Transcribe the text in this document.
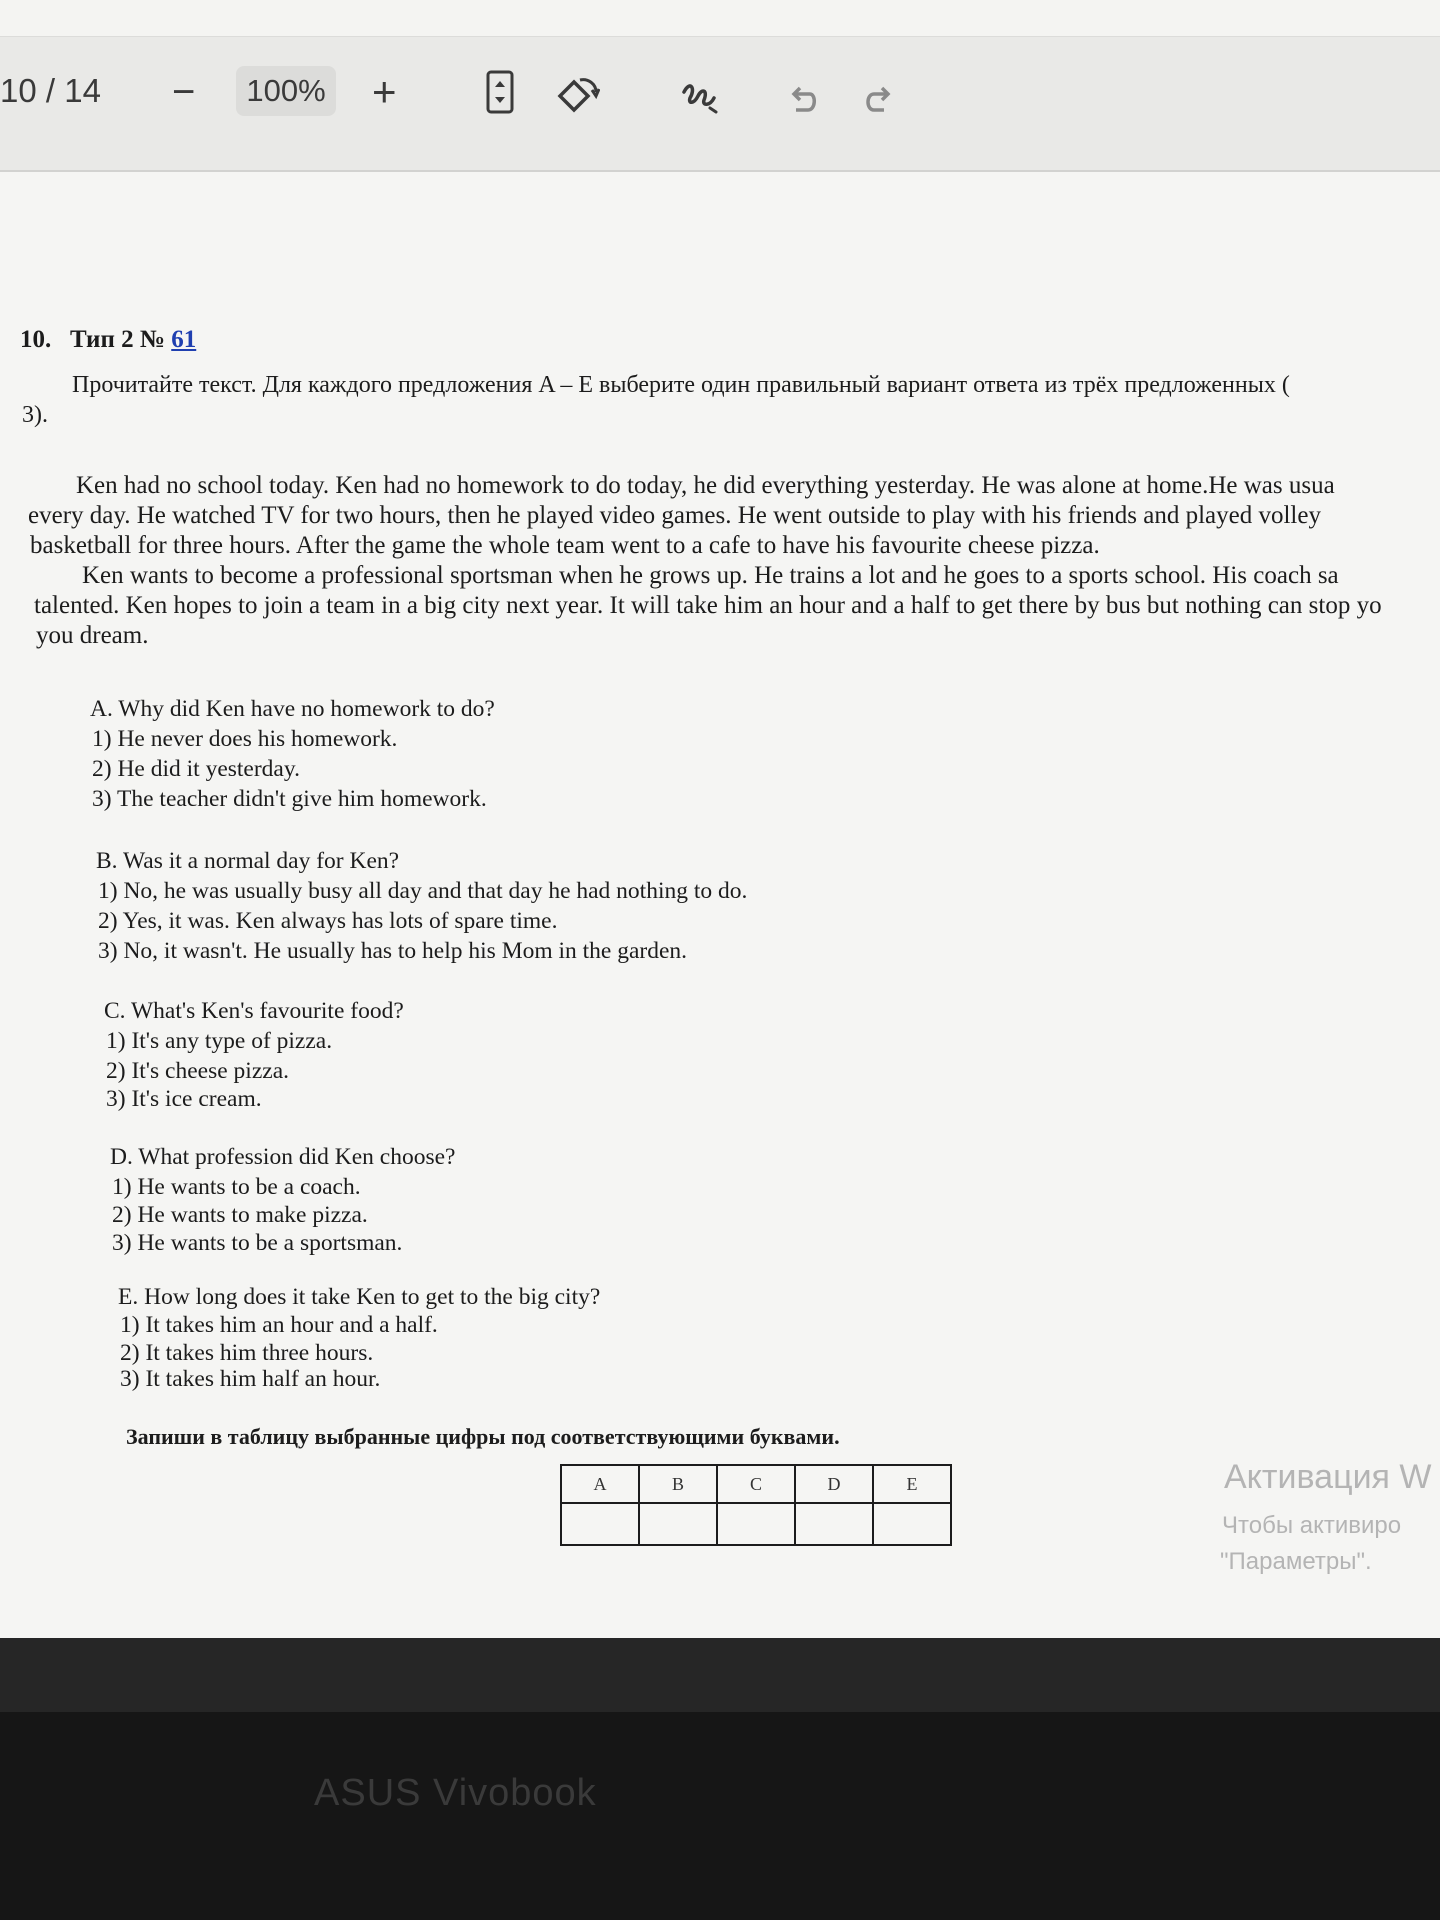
10 / 14 −	100% +
10. Тип 2 № 61
Прочитайте текст. Для каждого предложения A – E выберите один правильный вариант ответа из трёх предложенных (
3).
Ken had no school today. Ken had no homework to do today, he did everything yesterday. He was alone at home.He was usua
every day. He watched TV for two hours, then he played video games. He went outside to play with his friends and played volley
basketball for three hours. After the game the whole team went to a cafe to have his favourite cheese pizza.
Ken wants to become a professional sportsman when he grows up. He trains a lot and he goes to a sports school. His coach sa
talented. Ken hopes to join a team in a big city next year. It will take him an hour and a half to get there by bus but nothing can stop yo
you dream.
A. Why did Ken have no homework to do?
1) He never does his homework.
2) He did it yesterday.
3) The teacher didn't give him homework.
B. Was it a normal day for Ken?
1) No, he was usually busy all day and that day he had nothing to do.
2) Yes, it was. Ken always has lots of spare time.
3) No, it wasn't. He usually has to help his Mom in the garden.
C. What's Ken's favourite food?
1) It's any type of pizza.
2) It's cheese pizza.
3) It's ice cream.
D. What profession did Ken choose?
1) He wants to be a coach.
2) He wants to make pizza.
3) He wants to be a sportsman.
E. How long does it take Ken to get to the big city?
1) It takes him an hour and a half.
2) It takes him three hours.
3) It takes him half an hour.
Запиши в таблицу выбранные цифры под соответствующими буквами.
A	B	C	D	E
					Активация W
Чтобы активиро
"Параметры".
ASUS Vivobook
